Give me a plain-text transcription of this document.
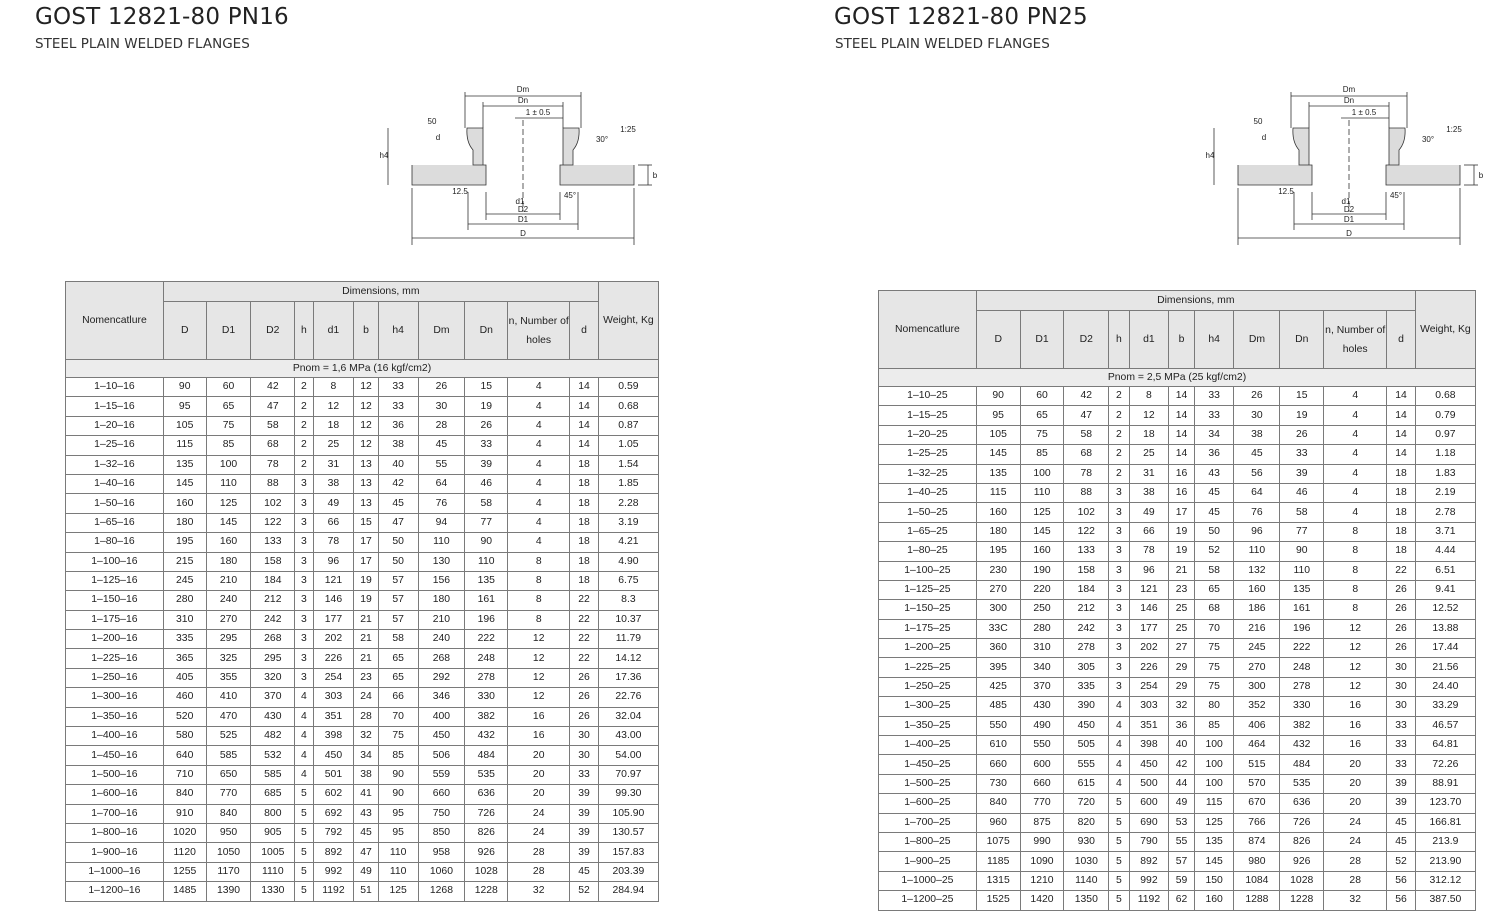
GOST 12821-80 PN16

STEEL PLAIN WELDED FLANGES

Dm
Dn
1 ± 0.5
50
30°
1:25
d
12.5	45°
d1
D2
D1
D
h4
b
Nomencatlure	Dimensions, mm											Weight, Kg
	D	D1	D2	h	d1	b	h4	Dm	Dn	n, Number of holes	d	
Pnom = 1,6 MPa (16 kgf/cm2)												
1–10–16	90	60	42	2	8	12	33	26	15	4	14	0.59
1–15–16	95	65	47	2	12	12	33	30	19	4	14	0.68
1–20–16	105	75	58	2	18	12	36	28	26	4	14	0.87
1–25–16	115	85	68	2	25	12	38	45	33	4	14	1.05
1–32–16	135	100	78	2	31	13	40	55	39	4	18	1.54
1–40–16	145	110	88	3	38	13	42	64	46	4	18	1.85
1–50–16	160	125	102	3	49	13	45	76	58	4	18	2.28
1–65–16	180	145	122	3	66	15	47	94	77	4	18	3.19
1–80–16	195	160	133	3	78	17	50	110	90	4	18	4.21
1–100–16	215	180	158	3	96	17	50	130	110	8	18	4.90
1–125–16	245	210	184	3	121	19	57	156	135	8	18	6.75
1–150–16	280	240	212	3	146	19	57	180	161	8	22	8.3
1–175–16	310	270	242	3	177	21	57	210	196	8	22	10.37
1–200–16	335	295	268	3	202	21	58	240	222	12	22	11.79
1–225–16	365	325	295	3	226	21	65	268	248	12	22	14.12
1–250–16	405	355	320	3	254	23	65	292	278	12	26	17.36
1–300–16	460	410	370	4	303	24	66	346	330	12	26	22.76
1–350–16	520	470	430	4	351	28	70	400	382	16	26	32.04
1–400–16	580	525	482	4	398	32	75	450	432	16	30	43.00
1–450–16	640	585	532	4	450	34	85	506	484	20	30	54.00
1–500–16	710	650	585	4	501	38	90	559	535	20	33	70.97
1–600–16	840	770	685	5	602	41	90	660	636	20	39	99.30
1–700–16	910	840	800	5	692	43	95	750	726	24	39	105.90
1–800–16	1020	950	905	5	792	45	95	850	826	24	39	130.57
1–900–16	1120	1050	1005	5	892	47	110	958	926	28	39	157.83
1–1000–16	1255	1170	1110	5	992	49	110	1060	1028	28	45	203.39
1–1200–16	1485	1390	1330	5	1192	51	125	1268	1228	32	52	284.94
GOST 12821-80 PN25

STEEL PLAIN WELDED FLANGES

Dm
Dn
1 ± 0.5
50
30°
1:25
d
12.5	45°
d1
D2
D1
D
h4
b
Nomencatlure	Dimensions, mm											Weight, Kg
	D	D1	D2	h	d1	b	h4	Dm	Dn	n, Number of holes	d	
Pnom = 2,5 MPa (25 kgf/cm2)												
1–10–25	90	60	42	2	8	14	33	26	15	4	14	0.68
1–15–25	95	65	47	2	12	14	33	30	19	4	14	0.79
1–20–25	105	75	58	2	18	14	34	38	26	4	14	0.97
1–25–25	145	85	68	2	25	14	36	45	33	4	14	1.18
1–32–25	135	100	78	2	31	16	43	56	39	4	18	1.83
1–40–25	115	110	88	3	38	16	45	64	46	4	18	2.19
1–50–25	160	125	102	3	49	17	45	76	58	4	18	2.78
1–65–25	180	145	122	3	66	19	50	96	77	8	18	3.71
1–80–25	195	160	133	3	78	19	52	110	90	8	18	4.44
1–100–25	230	190	158	3	96	21	58	132	110	8	22	6.51
1–125–25	270	220	184	3	121	23	65	160	135	8	26	9.41
1–150–25	300	250	212	3	146	25	68	186	161	8	26	12.52
1–175–25	33C	280	242	3	177	25	70	216	196	12	26	13.88
1–200–25	360	310	278	3	202	27	75	245	222	12	26	17.44
1–225–25	395	340	305	3	226	29	75	270	248	12	30	21.56
1–250–25	425	370	335	3	254	29	75	300	278	12	30	24.40
1–300–25	485	430	390	4	303	32	80	352	330	16	30	33.29
1–350–25	550	490	450	4	351	36	85	406	382	16	33	46.57
1–400–25	610	550	505	4	398	40	100	464	432	16	33	64.81
1–450–25	660	600	555	4	450	42	100	515	484	20	33	72.26
1–500–25	730	660	615	4	500	44	100	570	535	20	39	88.91
1–600–25	840	770	720	5	600	49	115	670	636	20	39	123.70
1–700–25	960	875	820	5	690	53	125	766	726	24	45	166.81
1–800–25	1075	990	930	5	790	55	135	874	826	24	45	213.9
1–900–25	1185	1090	1030	5	892	57	145	980	926	28	52	213.90
1–1000–25	1315	1210	1140	5	992	59	150	1084	1028	28	56	312.12
1–1200–25	1525	1420	1350	5	1192	62	160	1288	1228	32	56	387.50
